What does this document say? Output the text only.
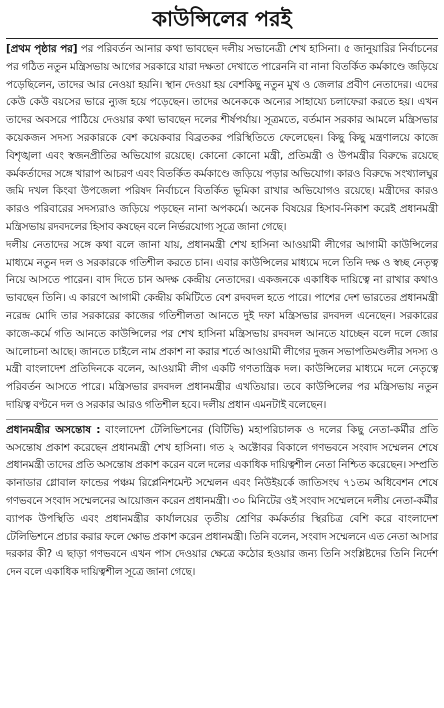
কাউন্সিলের পরই

[প্রথম পৃষ্ঠার পর] পর পরিবর্তন আনার কথা ভাবছেন দলীয় সভানেত্রী শেখ হাসিনা। ৫ জানুয়ারির নির্বাচনের পর গঠিত নতুন মন্ত্রিসভায় আগের সরকারে যারা দক্ষতা দেখাতে পারেননি বা নানা বিতর্কিত কর্মকাণ্ডে জড়িয়ে পড়েছিলেন, তাদের আর নেওয়া হয়নি। স্থান দেওয়া হয় বেশকিছু নতুন মুখ ও জেলার প্রবীণ নেতাদের। এদের কেউ কেউ বয়সের ভারে ন্যুজ হয়ে পড়েছেন। তাদের অনেককে অন্যের সাহায্যে চলাফেরা করতে হয়। এখন তাদের অবসরে পাঠিয়ে দেওয়ার কথা ভাবছেন দলের শীর্ষপর্যায়। সূত্রমতে, বর্তমান সরকার আমলে মন্ত্রিসভার কয়েকজন সদস্য সরকারকে বেশ কয়েকবার বিব্রতকর পরিস্থিতিতে ফেলেছেন। কিছু কিছু মন্ত্রণালয়ে কাজে বিশৃঙ্খলা এবং স্বজনপ্রীতির অভিযোগ রয়েছে। কোনো কোনো মন্ত্রী, প্রতিমন্ত্রী ও উপমন্ত্রীর বিরুদ্ধে রয়েছে কর্মকর্তাদের সঙ্গে খারাপ আচরণ এবং বিতর্কিত কর্মকাণ্ডে জড়িয়ে পড়ার অভিযোগ। কারও বিরুদ্ধে সংখ্যালঘুর জমি দখল কিংবা উপজেলা পরিষদ নির্বাচনে বিতর্কিত ভূমিকা রাখার অভিযোগও রয়েছে। মন্ত্রীদের কারও কারও পরিবারের সদস্যরাও জড়িয়ে পড়ছেন নানা অপকর্মে। অনেক বিষয়ের হিসাব-নিকাশ করেই প্রধানমন্ত্রী মন্ত্রিসভায় রদবদলের হিসাব কষছেন বলে নির্ভরযোগ্য সূত্রে জানা গেছে।

দলীয় নেতাদের সঙ্গে কথা বলে জানা যায়, প্রধানমন্ত্রী শেখ হাসিনা আওয়ামী লীগের আগামী কাউন্সিলের মাধ্যমে নতুন দল ও সরকারকে গতিশীল করতে চান। এবার কাউন্সিলের মাধ্যমে দলে তিনি দক্ষ ও স্বচ্ছ নেতৃত্ব নিয়ে আসতে পারেন। বাদ দিতে চান অদক্ষ কেন্দ্রীয় নেতাদের। একজনকে একাধিক দায়িত্বে না রাখার কথাও ভাবছেন তিনি। এ কারণে আগামী কেন্দ্রীয় কমিটিতে বেশ রদবদল হতে পারে। পাশের দেশ ভারতের প্রধানমন্ত্রী নরেন্দ্র মোদি তার সরকারের কাজের গতিশীলতা আনতে দুই দফা মন্ত্রিসভার রদবদল এনেছেন। সরকারের কাজে-কর্মে গতি আনতে কাউন্সিলের পর শেখ হাসিনা মন্ত্রিসভায় রদবদল আনতে যাচ্ছেন বলে দলে জোর আলোচনা আছে। জানতে চাইলে নাম প্রকাশ না করার শর্তে আওয়ামী লীগের দুজন সভাপতিমণ্ডলীর সদস্য ও মন্ত্রী বাংলাদেশ প্রতিদিনকে বলেন, আওয়ামী লীগ একটি গণতান্ত্রিক দল। কাউন্সিলের মাধ্যমে দলে নেতৃত্বে পরিবর্তন আসতে পারে। মন্ত্রিসভার রদবদল প্রধানমন্ত্রীর এখতিয়ার। তবে কাউন্সিলের পর মন্ত্রিসভায় নতুন দায়িত্ব বণ্টনে দল ও সরকার আরও গতিশীল হবে। দলীয় প্রধান এমনটাই বলেছেন।

প্রধানমন্ত্রীর অসন্তোষ : বাংলাদেশ টেলিভিশনের (বিটিভি) মহাপরিচালক ও দলের কিছু নেতা-কর্মীর প্রতি অসন্তোষ প্রকাশ করেছেন প্রধানমন্ত্রী শেখ হাসিনা। গত ২ অক্টোবর বিকালে গণভবনে সংবাদ সম্মেলন শেষে প্রধানমন্ত্রী তাদের প্রতি অসন্তোষ প্রকাশ করেন বলে দলের একাধিক দায়িত্বশীল নেতা নিশ্চিত করেছেন। সম্প্রতি কানাডার গ্লোবাল ফান্ডের পঞ্চম রিপ্লেনিশমেন্ট সম্মেলন এবং নিউইয়র্কে জাতিসংঘ ৭১তম অধিবেশন শেষে গণভবনে সংবাদ সম্মেলনের আয়োজন করেন প্রধানমন্ত্রী। ৩০ মিনিটের ওই সংবাদ সম্মেলনে দলীয় নেতা-কর্মীর ব্যাপক উপস্থিতি এবং প্রধানমন্ত্রীর কার্যালয়ের তৃতীয় শ্রেণির কর্মকর্তার স্থিরচিত্র বেশি করে বাংলাদেশ টেলিভিশনে প্রচার করার ফলে ক্ষোভ প্রকাশ করেন প্রধানমন্ত্রী। তিনি বলেন, সংবাদ সম্মেলনে এত নেতা আসার দরকার কী? এ ছাড়া গণভবনে এখন পাস দেওয়ার ক্ষেত্রে কঠোর হওয়ার জন্য তিনি সংশ্লিষ্টদের তিনি নির্দেশ দেন বলে একাধিক দায়িত্বশীল সূত্রে জানা গেছে।
